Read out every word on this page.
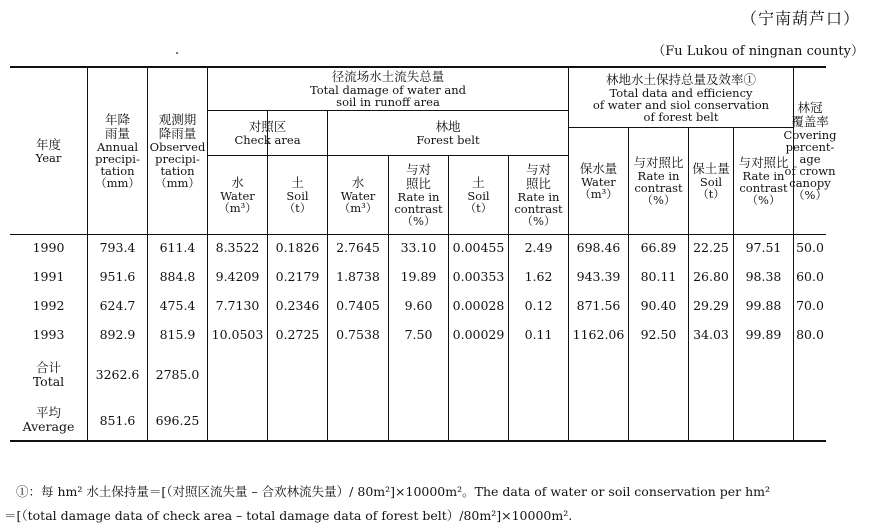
（宁南葫芦口）
（Fu Lukou of ningnan county）
年度
Year
年降
雨量
Annual
precipi-
tation
（mm）
观测期
降雨量
Observed
precipi-
tation
（mm）
径流场水土流失总量
Total damage of water and
soil in runoff area
对照区
Check area
林地
Forest belt
林地水土保持总量及效率①
Total data and efficiency
of water and siol conservation
of forest belt
林冠
覆盖率
Covering
percent-
age
of crown
canopy
（%）
水
Water
（m³）
土
Soil
（t）
水
Water
（m³）
与对
照比
Rate in
contrast
（%）
土
Soil
（t）
与对
照比
Rate in
contrast
（%）
保水量
Water
（m³）
与对照比
Rate in
contrast
（%）
保土量
Soil
（t）
与对照比
Rate in
contrast
（%）
1990	793.4	611.4	8.3522	0.1826	2.7645	33.10	0.00455	2.49	698.46	66.89	22.25	97.51	50.0
1991	951.6	884.8	9.4209	0.2179	1.8738	19.89	0.00353	1.62	943.39	80.11	26.80	98.38	60.0
1992	624.7	475.4	7.7130	0.2346	0.7405	9.60	0.00028	0.12	871.56	90.40	29.29	99.88	70.0
1993	892.9	815.9	10.0503 0.2725	0.7538	7.50	0.00029	0.11	1162.06	92.50	34.03	99.89	80.0
合计
Total	3262.6	2785.0
平均
Average	851.6	696.25
①：每 hm² 水土保持量＝[（对照区流失量 – 合欢林流失量）/ 80m²]×10000m²。The data of water or soil conservation per hm²
＝[（total damage data of check area – total damage data of forest belt）/80m²]×10000m².
